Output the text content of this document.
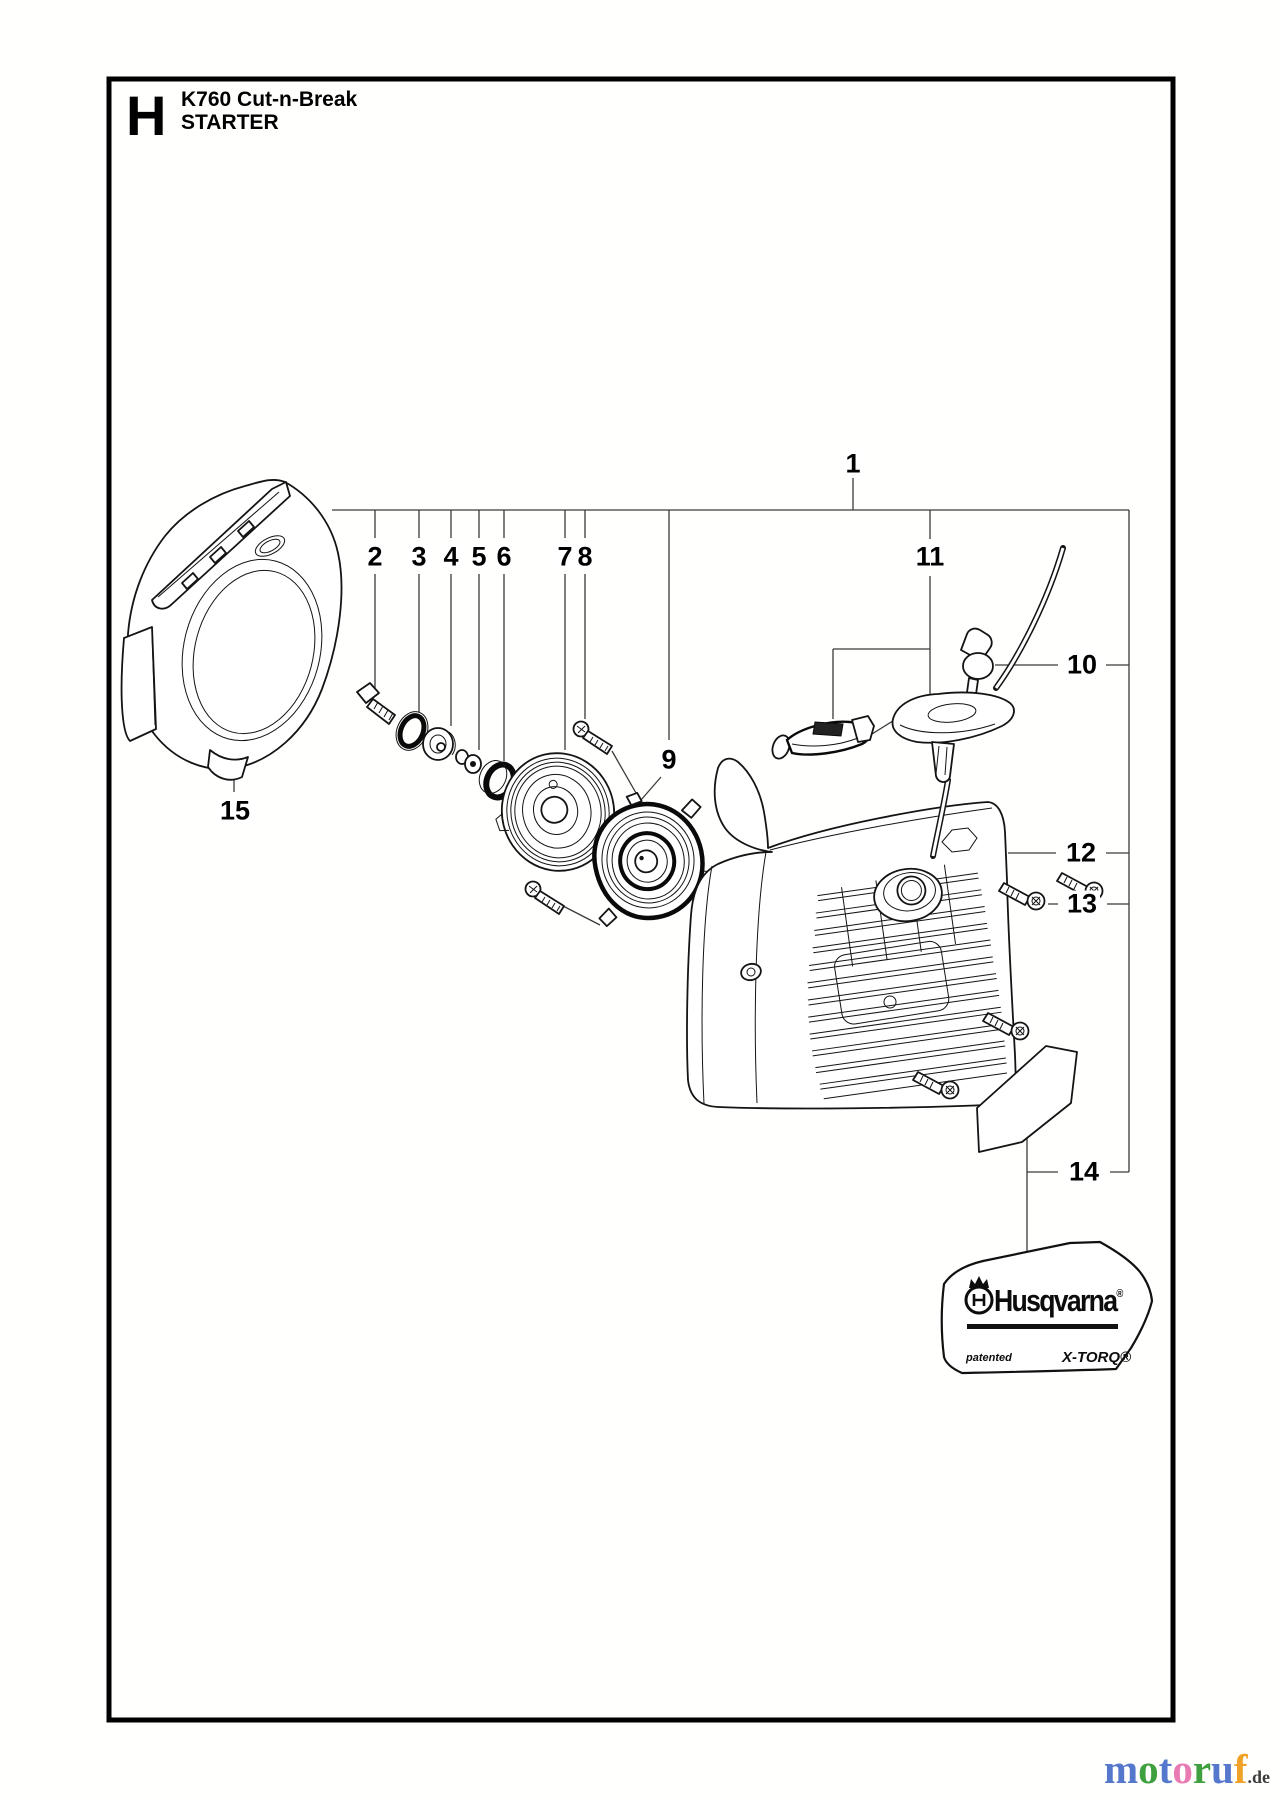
H K760 Cut-n-Break
STARTER
1
2 3 4 5 6 7 8
9
10
11
12
13
14
15
Husqvarna®
patented	X-TORQ®
motoruf.de
